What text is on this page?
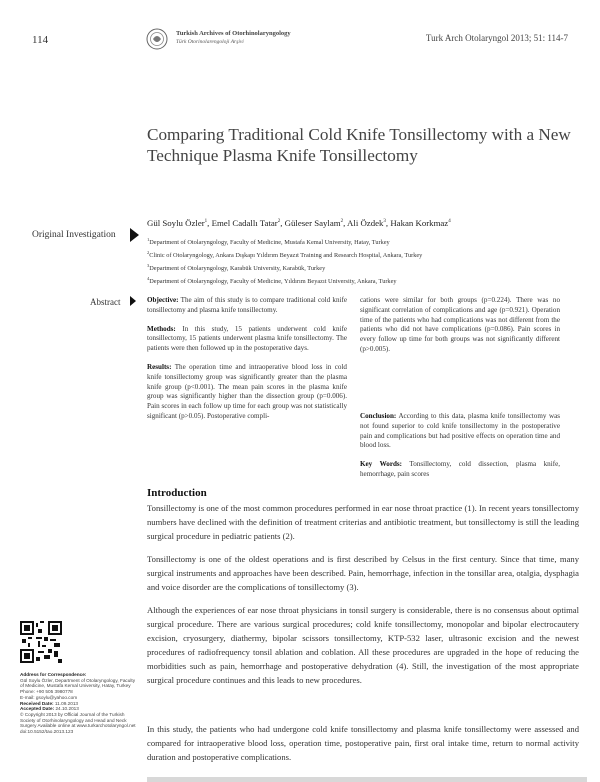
114
Turkish Archives of Otorhinolaryngology
Türk Otorinolarengoloji Arşivi	Turk Arch Otolaryngol 2013; 51: 114-7
Comparing Traditional Cold Knife Tonsillectomy with a New Technique Plasma Knife Tonsillectomy
Original Investigation
Gül Soylu Özler$^1$, Emel Cadallı Tatar$^2$, Güleser Saylam$^2$, Ali Özdek$^3$, Hakan Korkmaz$^4$
$^1$Department of Otolaryngology, Faculty of Medicine, Mustafa Kemal University, Hatay, Turkey
$^2$Clinic of Otolaryngology, Ankara Dışkapı Yıldırım Beyazıt Training and Research Hospital, Ankara, Turkey
$^3$Department of Otolaryngology, Karabük University, Karabük, Turkey
$^4$Department of Otolaryngology, Faculty of Medicine, Yıldırım Beyazıt University, Ankara, Turkey
Abstract	Objective: The aim of this study is to compare traditional cold knife tonsillectomy and plasma knife tonsillectomy.

Methods: In this study, 15 patients underwent cold knife tonsillectomy, 15 patients underwent plasma knife tonsillectomy. The patients were then followed up in the postoperative days.

Results: The operation time and intraoperative blood loss in cold knife tonsillectomy group was significantly greater than the plasma knife group (p<0.001). The mean pain scores in the plasma knife group was significantly higher than the dissection group (p=0.006). Pain scores in each follow up time for each group was not statistically significant (p>0.05). Postoperative compli-

cations were similar for both groups (p=0.224). There was no significant correlation of complications and age (p=0.921). Operation time of the patients who had complications was not different from the patients who did not have complications (p=0.086). Pain scores in every follow up time for both groups was not significantly different (p>0.005).

Conclusion: According to this data, plasma knife tonsillectomy was not found superior to cold knife tonsillectomy in the postoperative pain and complications but had positive effects on operation time and blood loss.

Key Words: Tonsillectomy, cold dissection, plasma knife, hemorrhage, pain scores

Introduction

Tonsillectomy is one of the most common procedures performed in ear nose throat practice (1). In recent years tonsillectomy numbers have declined with the definition of treatment criterias and antibiotic treatment, but tonsillectomy is still the leading surgical procedure in pediatric patients (2).

Tonsillectomy is one of the oldest operations and is first described by Celsus in the first century. Since that time, many surgical instruments and approaches have been described. Pain, hemorrhage, infection in the tonsillar area, otalgia, dysphagia and voice disorder are the complications of tonsillectomy (3).

Although the experiences of ear nose throat physicians in tonsil surgery is considerable, there is no consensus about optimal surgical procedure. There are various surgical procedures; cold knife tonsillectomy, monopolar and bipolar electrocautery excision, cryosurgery, diathermy, bipolar scissors tonsillectomy, KTP-532 laser, ultrasonic excision and the newest procedures of radiofrequency tonsil ablation and coblation. All these procedures are upgraded in the hope of reducing the morbidities such as pain, hemorrhage and postoperative dehydration (4). Still, the investigation of the most appropriate surgical procedure continues and this leads to new procedures.

In this study, the patients who had undergone cold knife tonsillectomy and plasma knife tonsillectomy were assessed and compared for intraoperative blood loss, operation time, postoperative pain, first oral intake time, return to normal activity duration and postoperative complications.

Address for Correspondence:
Gül Soylu Özler, Department of Otolaryngology, Faculty of Medicine, Mustafa Kemal University, Hatay, Turkey
Phone: +90 505 3980778
E-mail: gsoylu@yahoo.com
Received Date: 11.09.2013
Accepted Date: 24.10.2013
© Copyright 2013 by Official Journal of the Turkish Society of Otorhinolaryngology and Head and Neck Surgery Available online at www.turkarchotolaryngol.net
doi:10.5152/tao.2013.123
